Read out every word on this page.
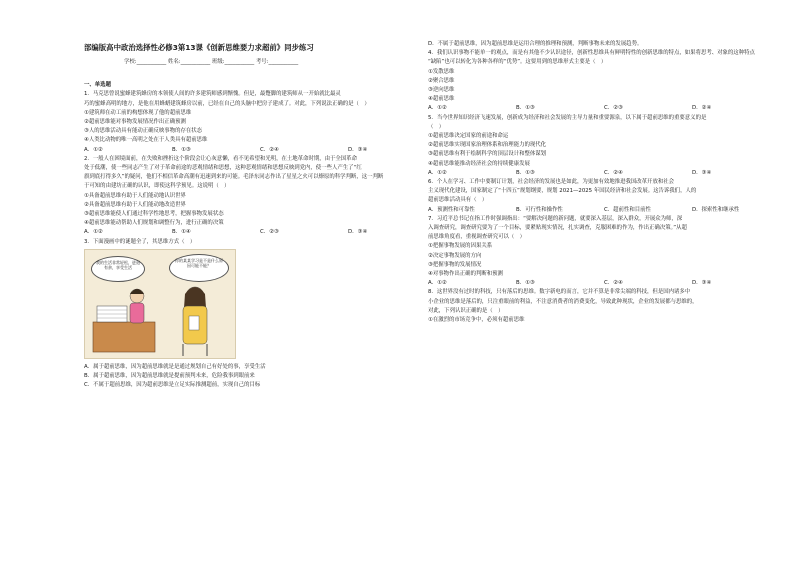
部编版高中政治选择性必修3第13课《创新思维要力求超前》同步练习
学校:___________ 姓名:___________ 班级:___________ 考号:___________
一、单选题

1．马克思曾说蜜蜂建筑蜂房的本领使人间的许多建筑师感到惭愧。但是，最蹩脚的建筑师从一开始就比最灵

巧的蜜蜂高明的地方，是他在用蜂蜡建筑蜂房以前，已经在自己的头脑中把房子建成了。对此，下列说法正确的是（　）

①建筑师在动工前的构想体现了他的超前思维

②超前思维能对事物发展情况作出正确预测

③人的思维活动具有能动正确反映事物的存在状态

④人类比动物的唯一高明之处在于人类具有超前思维

A．①②	B．①③	C．②④	D．③④

2．一般人在困境面前，在失败和挫折这个阶段会让心灰意懒，看不见希望和光明，在土地革命时期，由于全国革命

处于低潮，使一些同志产生了对于革命前途的悲观情绪和思想，这种悲观情绪和思想反映到党内，使一些人产生了“红

旗到底打得多久”的疑问，他们不相信革命高潮有迅速到来的可能。毛泽东同志作出了星星之火可以燎原的科学判断，这一判断

于可知的由建坊正确的认识，即使这科学预见。这说明（　）

①具备超前思维有助于人们能动地认识世界

②具备超前思维有助于人们能动地改造世界

③超前思维能使人们通过科学性地思考，把握事物发展状态

④超前思维能动帮助人们规划和调整行为，进行正确的决策

A．①②	B．①④	C．②③	D．③④

3．下面漫画中的谜题全了，其思维方式（　）

我的生活非常轻松，进退有余，享受生活
你的某某学习是不是什么原因可能不能？

A．属于超前思维，因为超前思维就是是通过规划自己有好处的事，享受生活

B．属于超前思维，因为超前思维就是提前预判未来，危险我事到眼前来

C．不属于超前思维，因为超前思维是立足实际推测超前，实现自己的目标

D．不属于超前思维，因为超前思维是运用合理的推理和预测，判断事物未来的发展趋势。

4．我们认识事物不能单一的观点，而是有其他不少认识途径，创新性思维具有鲜明特性的创新思维的特点，如果将思考、对象的这种特点

“缺陷”也可以转化为各种各样的“优势”。这要用到的思维形式主要是（　）

①发散思维

②聚合思维

③逆向思维

④超前思维

A．①②	B．①③	C．②③	D．②④

5．当今世界知识经济飞速发展，创新成为经济和社会发展的主导力量和重要源泉，以下属于超前思维的重要意义的是

（　）

①超前思维决定国家的前途和命运

②超前思维实现国家治理体系和治理能力的现代化

③超前思维有利于绘制科学的顶层设计和整体谋划

④超前思维能推动经济社会的持续健康发展

A．①②	B．①③	C．②④	D．③④

6．个人在学习、工作中要制订计划，社会经济的发展也是如此，为更加有效地推进我国改革开放和社会

主义现代化建设，国家制定了“十四五”规划纲要，规划 2021—2025 年国民经济和社会发展。这告诉我们，人的

超前思维活动具有（　）

A．预测性和可靠性	B．可行性和操作性	C．超前性和目前性	D．探索性和继承性

7．习近平总书记在指工作时强调指出：“要解决问题的新问题，就要深入基层，深入群众，开展众为师，深

入调查研究，调查研究要为了一个目标，要紧贴现实情况，扎实调查，克服困难的作为，作出正确决策。”从超

前思维角度看，重视调查研究可以（　）

①把握事物发展的因果关系

②决定事物发展的方向

③把握事物的发展情况

④对事物作出正确的判断和预测

A．①②	B．①③	C．②④	D．③④

8．这世界没有过时的科技，只有落后的思维。数字新电的而言，它并不算是非常尖端的科技，但是国内诸多中

小企业的思维是落后的，只注重眼前的利益，不注意消费者的消费变化，导致此种现状，企业的发展都与思维的，

对此，下列认识正确的是（　）

①在激烈的市场竞争中，必须有超前思维
